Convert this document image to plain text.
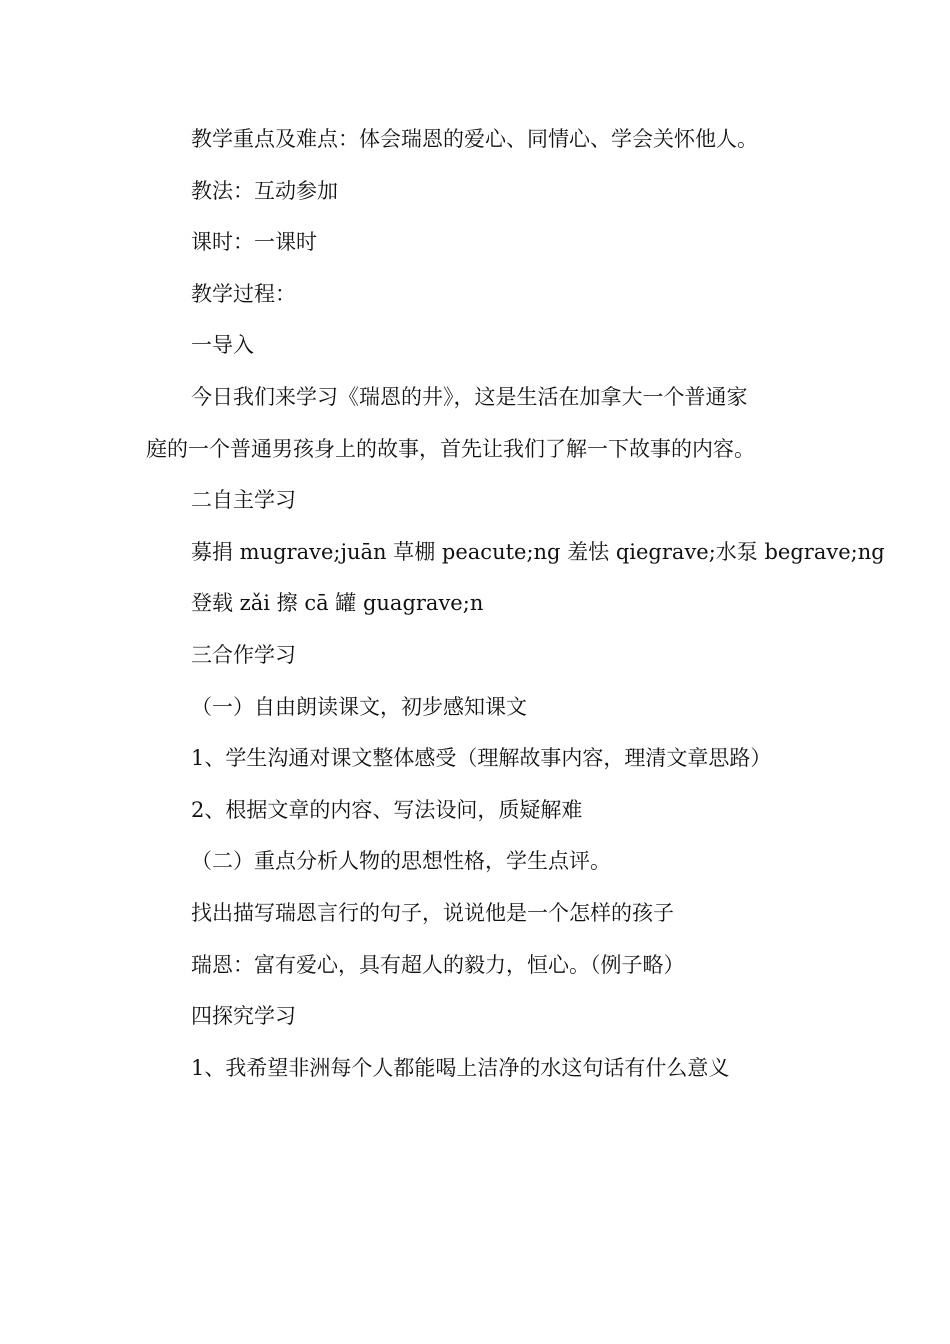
教学重点及难点：体会瑞恩的爱心、同情心、学会关怀他人。

教法：互动参加

课时：一课时

教学过程：

一导入

今日我们来学习《瑞恩的井》，这是生活在加拿大一个普通家
庭的一个普通男孩身上的故事，首先让我们了解一下故事的内容。

二自主学习

募捐 mugrave;juān 草棚 peacute;ng 羞怯 qiegrave;水泵 begrave;ng

登载 zǎi 擦 cā 罐 guagrave;n

三合作学习

（一）自由朗读课文，初步感知课文

1、学生沟通对课文整体感受（理解故事内容，理清文章思路）

2、根据文章的内容、写法设问，质疑解难

（二）重点分析人物的思想性格，学生点评。

找出描写瑞恩言行的句子，说说他是一个怎样的孩子

瑞恩：富有爱心，具有超人的毅力，恒心。（例子略）

四探究学习

1、我希望非洲每个人都能喝上洁净的水这句话有什么意义
